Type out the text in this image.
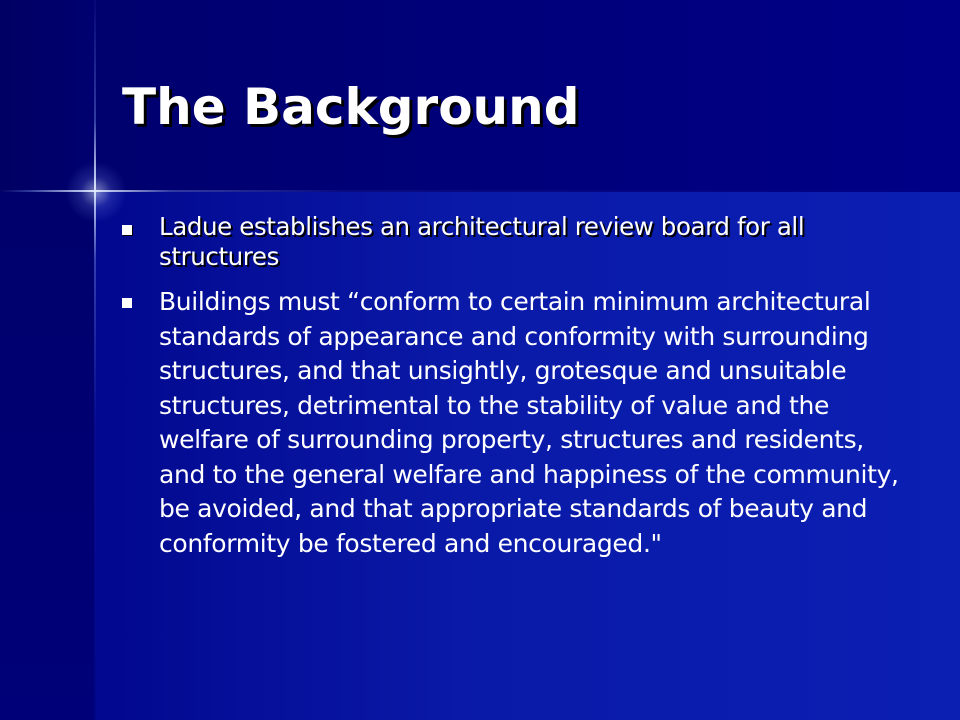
The Background
Ladue establishes an architectural review board for all structures
Buildings must “conform to certain minimum architectural standards of appearance and conformity with surrounding structures, and that unsightly, grotesque and unsuitable structures, detrimental to the stability of value and the welfare of surrounding property, structures and residents, and to the general welfare and happiness of the community, be avoided, and that appropriate standards of beauty and conformity be fostered and encouraged."
